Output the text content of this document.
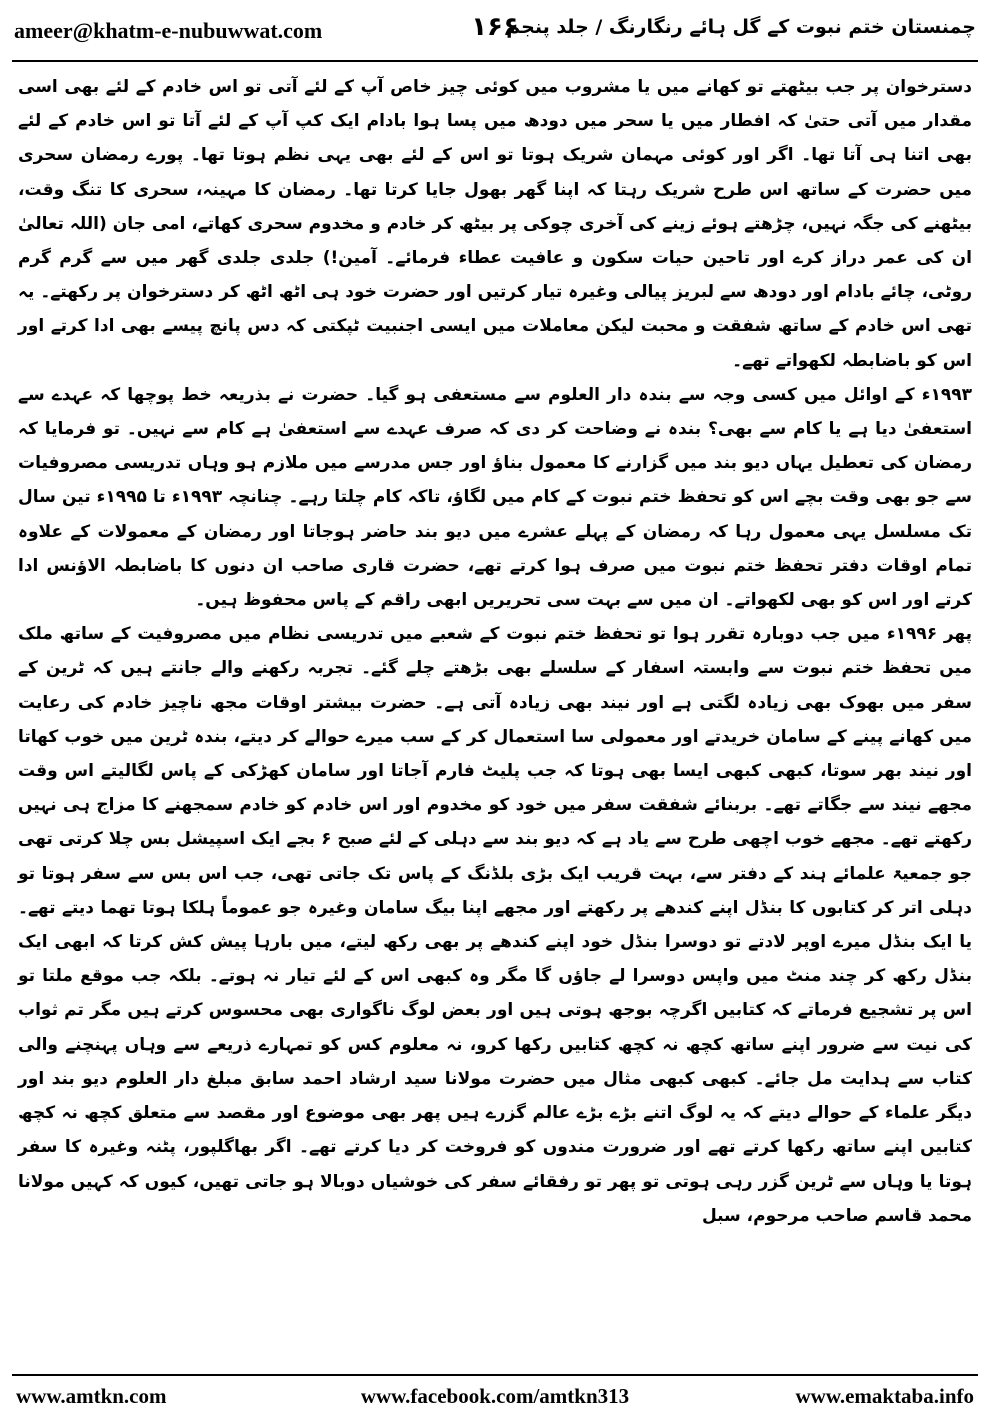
ameer@khatm-e-nubuwwat.com	۱۶۶
چمنستان ختم نبوت کے گل ہائے رنگارنگ / جلد پنجم

دسترخوان پر جب بیٹھتے تو کھانے میں یا مشروب میں کوئی چیز خاص آپ کے لئے آتی تو اس خادم کے لئے بھی اسی مقدار میں آتی حتیٰ کہ افطار میں یا سحر میں دودھ میں پسا ہوا بادام ایک کپ آپ کے لئے آتا تو اس خادم کے لئے بھی اتنا ہی آتا تھا۔ اگر اور کوئی مہمان شریک ہوتا تو اس کے لئے بھی یہی نظم ہوتا تھا۔ پورے رمضان سحری میں حضرت کے ساتھ اس طرح شریک رہتا کہ اپنا گھر بھول جایا کرتا تھا۔ رمضان کا مہینہ، سحری کا تنگ وقت، بیٹھنے کی جگہ نہیں، چڑھتے ہوئے زینے کی آخری چوکی پر بیٹھ کر خادم و مخدوم سحری کھاتے، امی جان (اللہ تعالیٰ ان کی عمر دراز کرے اور تاحین حیات سکون و عافیت عطاء فرمائے۔ آمین!) جلدی جلدی گھر میں سے گرم گرم روٹی، چائے بادام اور دودھ سے لبریز پیالی وغیرہ تیار کرتیں اور حضرت خود ہی اٹھ اٹھ کر دسترخوان پر رکھتے۔ یہ تھی اس خادم کے ساتھ شفقت و محبت لیکن معاملات میں ایسی اجنبیت ٹپکتی کہ دس پانچ پیسے بھی ادا کرتے اور اس کو باضابطہ لکھواتے تھے۔

۱۹۹۳ء کے اوائل میں کسی وجہ سے بندہ دار العلوم سے مستعفی ہو گیا۔ حضرت نے بذریعہ خط پوچھا کہ عہدے سے استعفیٰ دیا ہے یا کام سے بھی؟ بندہ نے وضاحت کر دی کہ صرف عہدے سے استعفیٰ ہے کام سے نہیں۔ تو فرمایا کہ رمضان کی تعطیل یہاں دیو بند میں گزارنے کا معمول بناؤ اور جس مدرسے میں ملازم ہو وہاں تدریسی مصروفیات سے جو بھی وقت بچے اس کو تحفظ ختم نبوت کے کام میں لگاؤ، تاکہ کام چلتا رہے۔ چنانچہ ۱۹۹۳ء تا ۱۹۹۵ء تین سال تک مسلسل یہی معمول رہا کہ رمضان کے پہلے عشرے میں دیو بند حاضر ہوجاتا اور رمضان کے معمولات کے علاوہ تمام اوقات دفتر تحفظ ختم نبوت میں صرف ہوا کرتے تھے، حضرت قاری صاحب ان دنوں کا باضابطہ الاؤنس ادا کرتے اور اس کو بھی لکھواتے۔ ان میں سے بہت سی تحریریں ابھی راقم کے پاس محفوظ ہیں۔

پھر ۱۹۹۶ء میں جب دوبارہ تقرر ہوا تو تحفظ ختم نبوت کے شعبے میں تدریسی نظام میں مصروفیت کے ساتھ ملک میں تحفظ ختم نبوت سے وابستہ اسفار کے سلسلے بھی بڑھتے چلے گئے۔ تجربہ رکھنے والے جانتے ہیں کہ ٹرین کے سفر میں بھوک بھی زیادہ لگتی ہے اور نیند بھی زیادہ آتی ہے۔ حضرت بیشتر اوقات مجھ ناچیز خادم کی رعایت میں کھانے پینے کے سامان خریدتے اور معمولی سا استعمال کر کے سب میرے حوالے کر دیتے، بندہ ٹرین میں خوب کھاتا اور نیند بھر سوتا، کبھی کبھی ایسا بھی ہوتا کہ جب پلیٹ فارم آجاتا اور سامان کھڑکی کے پاس لگالیتے اس وقت مجھے نیند سے جگاتے تھے۔ بربنائے شفقت سفر میں خود کو مخدوم اور اس خادم کو خادم سمجھنے کا مزاج ہی نہیں رکھتے تھے۔ مجھے خوب اچھی طرح سے یاد ہے کہ دیو بند سے دہلی کے لئے صبح ۶ بجے ایک اسپیشل بس چلا کرتی تھی جو جمعیۃ علمائے ہند کے دفتر سے، بہت قریب ایک بڑی بلڈنگ کے پاس تک جاتی تھی، جب اس بس سے سفر ہوتا تو دہلی اتر کر کتابوں کا بنڈل اپنے کندھے پر رکھتے اور مجھے اپنا بیگ سامان وغیرہ جو عموماً ہلکا ہوتا تھما دیتے تھے۔ یا ایک بنڈل میرے اوپر لادتے تو دوسرا بنڈل خود اپنے کندھے پر بھی رکھ لیتے، میں بارہا پیش کش کرتا کہ ابھی ایک بنڈل رکھ کر چند منٹ میں واپس دوسرا لے جاؤں گا مگر وہ کبھی اس کے لئے تیار نہ ہوتے۔ بلکہ جب موقع ملتا تو اس پر تشجیع فرماتے کہ کتابیں اگرچہ بوجھ ہوتی ہیں اور بعض لوگ ناگواری بھی محسوس کرتے ہیں مگر تم ثواب کی نیت سے ضرور اپنے ساتھ کچھ نہ کچھ کتابیں رکھا کرو، نہ معلوم کس کو تمہارے ذریعے سے وہاں پہنچنے والی کتاب سے ہدایت مل جائے۔ کبھی کبھی مثال میں حضرت مولانا سید ارشاد احمد سابق مبلغ دار العلوم دیو بند اور دیگر علماء کے حوالے دیتے کہ یہ لوگ اتنے بڑے بڑے عالم گزرے ہیں پھر بھی موضوع اور مقصد سے متعلق کچھ نہ کچھ کتابیں اپنے ساتھ رکھا کرتے تھے اور ضرورت مندوں کو فروخت کر دیا کرتے تھے۔ اگر بھاگلپور، پٹنہ وغیرہ کا سفر ہوتا یا وہاں سے ٹرین گزر رہی ہوتی تو پھر تو رفقائے سفر کی خوشیاں دوبالا ہو جاتی تھیں، کیوں کہ کہیں مولانا محمد قاسم صاحب مرحوم، سبل

www.amtkn.com	www.facebook.com/amtkn313	www.emaktaba.info
